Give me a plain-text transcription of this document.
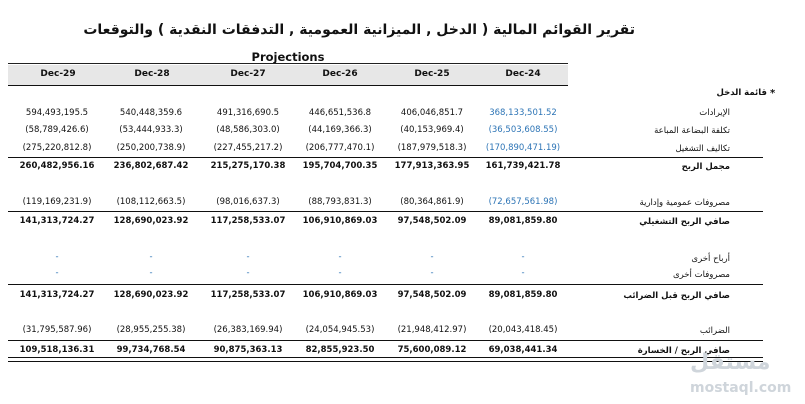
تقرير القوائم المالية ( الدخل , الميزانية العمومية , التدفقات النقدية ) والتوقعات
Projections
Dec-29	Dec-28	Dec-27	Dec-26	Dec-25	Dec-24
*
قائمة الدخل
الإيرادات
594,493,195.5	540,448,359.6	491,316,690.5	446,651,536.8	406,046,851.7	368,133,501.52
تكلفة البضاعة المباعة
(58,789,426.6)	(53,444,933.3)	(48,586,303.0)	(44,169,366.3)	(40,153,969.4)	(36,503,608.55)
تكاليف التشغيل
(275,220,812.8)	(250,200,738.9)	(227,455,217.2)	(206,777,470.1)	(187,979,518.3)	(170,890,471.19)
مجمل الربح
260,482,956.16	236,802,687.42	215,275,170.38	195,704,700.35	177,913,363.95	161,739,421.78
مصروفات عمومية وإدارية
(119,169,231.9)	(108,112,663.5)	(98,016,637.3)	(88,793,831.3)	(80,364,861.9)	(72,657,561.98)
صافي الربح التشغيلي
141,313,724.27	128,690,023.92	117,258,533.07	106,910,869.03	97,548,502.09	89,081,859.80
أرباح أخرى
-	-	-	-	-	-
مصروفات أخرى
-	-	-	-	-	-
صافي الربح قبل الضرائب
141,313,724.27	128,690,023.92	117,258,533.07	106,910,869.03	97,548,502.09	89,081,859.80
الضرائب
(31,795,587.96)	(28,955,255.38)	(26,383,169.94)	(24,054,945.53)	(21,948,412.97)	(20,043,418.45)
صافي الربح / الخسارة
109,518,136.31	99,734,768.54	90,875,363.13	82,855,923.50	75,600,089.12	69,038,441.34	مستقل
mostaql.com
